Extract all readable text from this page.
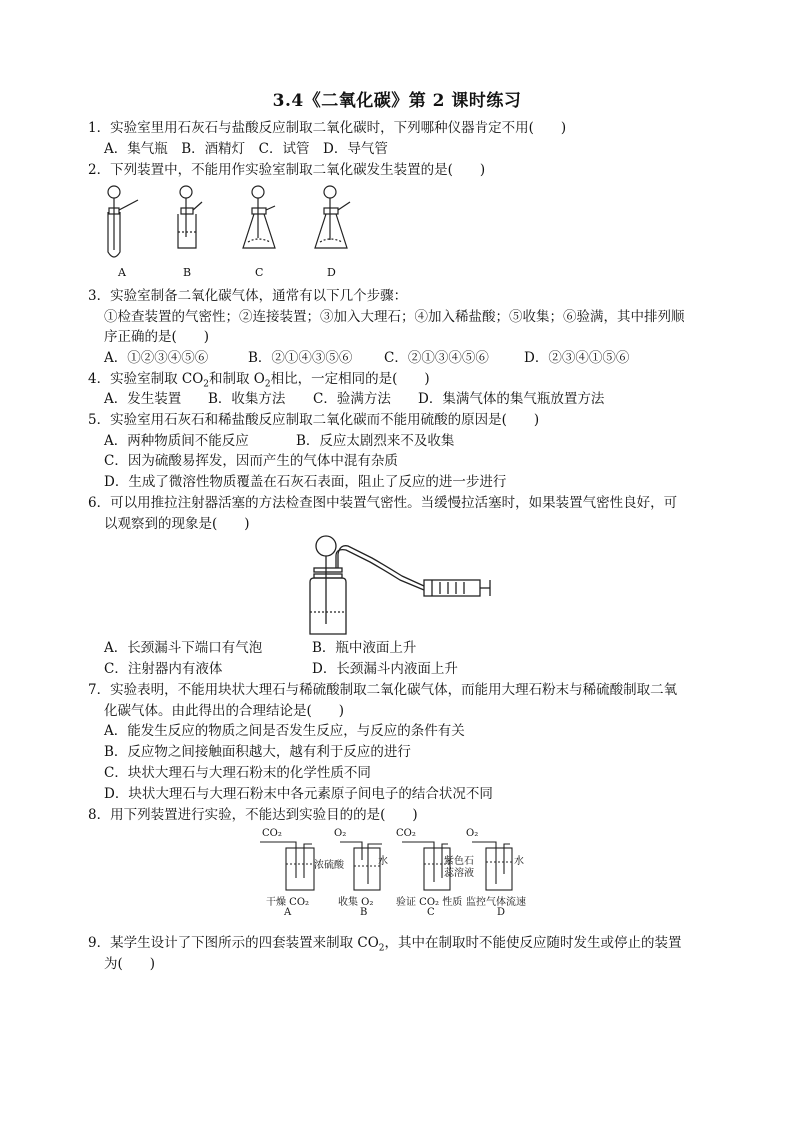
3.4《二氧化碳》第 2 课时练习
1．实验室里用石灰石与盐酸反应制取二氧化碳时，下列哪种仪器肯定不用(　　)
A．集气瓶　B．酒精灯　C．试管　D．导气管
2．下列装置中，不能用作实验室制取二氧化碳发生装置的是(　　)
A	B	C	D
3．实验室制备二氧化碳气体，通常有以下几个步骤：
①检查装置的气密性；②连接装置；③加入大理石；④加入稀盐酸；⑤收集；⑥验满，其中排列顺
序正确的是(　　)
A．①②③④⑤⑥	B．②①④③⑤⑥ C．②①③④⑤⑥	D．②③④①⑤⑥
4．实验室制取 $CO_2$和制取 $O_2$相比，一定相同的是(　　)
A．发生装置 B．收集方法 C．验满方法 D．集满气体的集气瓶放置方法
5．实验室用石灰石和稀盐酸反应制取二氧化碳而不能用硫酸的原因是(　　)
A．两种物质间不能反应	B．反应太剧烈来不及收集
C．因为硫酸易挥发，因而产生的气体中混有杂质
D．生成了微溶性物质覆盖在石灰石表面，阻止了反应的进一步进行
6．可以用推拉注射器活塞的方法检查图中装置气密性。当缓慢拉活塞时，如果装置气密性良好，可
以观察到的现象是(　　)
A．长颈漏斗下端口有气泡	B．瓶中液面上升
C．注射器内有液体	D．长颈漏斗内液面上升
7．实验表明，不能用块状大理石与稀硫酸制取二氧化碳气体，而能用大理石粉末与稀硫酸制取二氧
化碳气体。由此得出的合理结论是(　　)
A．能发生反应的物质之间是否发生反应，与反应的条件有关
B．反应物之间接触面积越大，越有利于反应的进行
C．块状大理石与大理石粉末的化学性质不同
D．块状大理石与大理石粉末中各元素原子间电子的结合状况不同
8．用下列装置进行实验，不能达到实验目的的是(　　)
CO₂	O₂	CO₂	O₂
浓硫酸	水	紫色石
蕊溶液
水
干燥 CO₂	收集 O₂ 验证 CO₂ 性质 监控气体流速
A	B	C	D
9．某学生设计了下图所示的四套装置来制取 $CO_2$，其中在制取时不能使反应随时发生或停止的装置
为(　　)
